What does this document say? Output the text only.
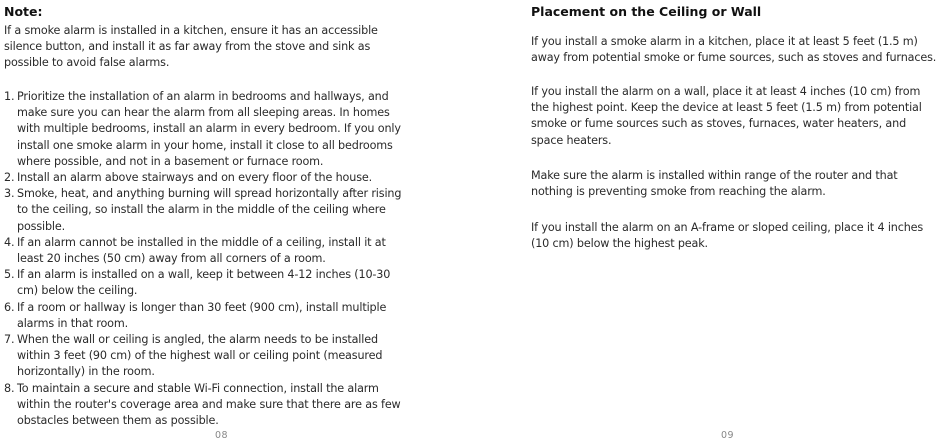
Note:
If a smoke alarm is installed in a kitchen, ensure it has an accessible silence button, and install it as far away from the stove and sink as possible to avoid false alarms.
1. Prioritize the installation of an alarm in bedrooms and hallways, and make sure you can hear the alarm from all sleeping areas. In homes with multiple bedrooms, install an alarm in every bedroom. If you only install one smoke alarm in your home, install it close to all bedrooms where possible, and not in a basement or furnace room.
2. Install an alarm above stairways and on every floor of the house.
3. Smoke, heat, and anything burning will spread horizontally after rising to the ceiling, so install the alarm in the middle of the ceiling where possible.
4. If an alarm cannot be installed in the middle of a ceiling, install it at least 20 inches (50 cm) away from all corners of a room.
5. If an alarm is installed on a wall, keep it between 4-12 inches (10-30 cm) below the ceiling.
6. If a room or hallway is longer than 30 feet (900 cm), install multiple alarms in that room.
7. When the wall or ceiling is angled, the alarm needs to be installed within 3 feet (90 cm) of the highest wall or ceiling point (measured horizontally) in the room.
8. To maintain a secure and stable Wi-Fi connection, install the alarm within the router's coverage area and make sure that there are as few obstacles between them as possible.
08
Placement on the Ceiling or Wall
If you install a smoke alarm in a kitchen, place it at least 5 feet (1.5 m) away from potential smoke or fume sources, such as stoves and furnaces.
If you install the alarm on a wall, place it at least 4 inches (10 cm) from the highest point. Keep the device at least 5 feet (1.5 m) from potential smoke or fume sources such as stoves, furnaces, water heaters, and space heaters.
Make sure the alarm is installed within range of the router and that nothing is preventing smoke from reaching the alarm.
If you install the alarm on an A-frame or sloped ceiling, place it 4 inches (10 cm) below the highest peak.
09
